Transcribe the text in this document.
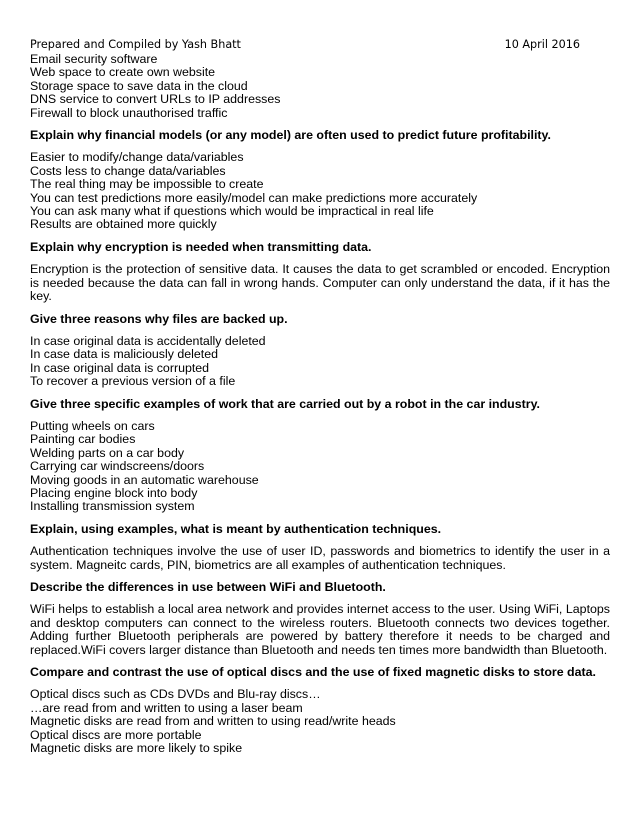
Prepared and Compiled by Yash Bhatt	10 April 2016
Email security software
Web space to create own website
Storage space to save data in the cloud
DNS service to convert URLs to IP addresses
Firewall to block unauthorised traffic
Explain why financial models (or any model) are often used to predict future profitability.
Easier to modify/change data/variables
Costs less to change data/variables
The real thing may be impossible to create
You can test predictions more easily/model can make predictions more accurately
You can ask many what if questions which would be impractical in real life
Results are obtained more quickly
Explain why encryption is needed when transmitting data.
Encryption is the protection of sensitive data. It causes the data to get scrambled or encoded. Encryption is needed because the data can fall in wrong hands. Computer can only understand the data, if it has the key.
Give three reasons why files are backed up.
In case original data is accidentally deleted
In case data is maliciously deleted
In case original data is corrupted
To recover a previous version of a file
Give three specific examples of work that are carried out by a robot in the car industry.
Putting wheels on cars
Painting car bodies
Welding parts on a car body
Carrying car windscreens/doors
Moving goods in an automatic warehouse
Placing engine block into body
Installing transmission system
Explain, using examples, what is meant by authentication techniques.
Authentication techniques involve the use of user ID, passwords and biometrics to identify the user in a system. Magneitc cards, PIN, biometrics are all examples of authentication techniques.
Describe the differences in use between WiFi and Bluetooth.
WiFi helps to establish a local area network and provides internet access to the user. Using WiFi, Laptops and desktop computers can connect to the wireless routers. Bluetooth connects two devices together. Adding further Bluetooth peripherals are powered by battery therefore it needs to be charged and replaced.WiFi covers larger distance than Bluetooth and needs ten times more bandwidth than Bluetooth.
Compare and contrast the use of optical discs and the use of fixed magnetic disks to store data.
Optical discs such as CDs DVDs and Blu-ray discs…
…are read from and written to using a laser beam
Magnetic disks are read from and written to using read/write heads
Optical discs are more portable
Magnetic disks are more likely to spike
